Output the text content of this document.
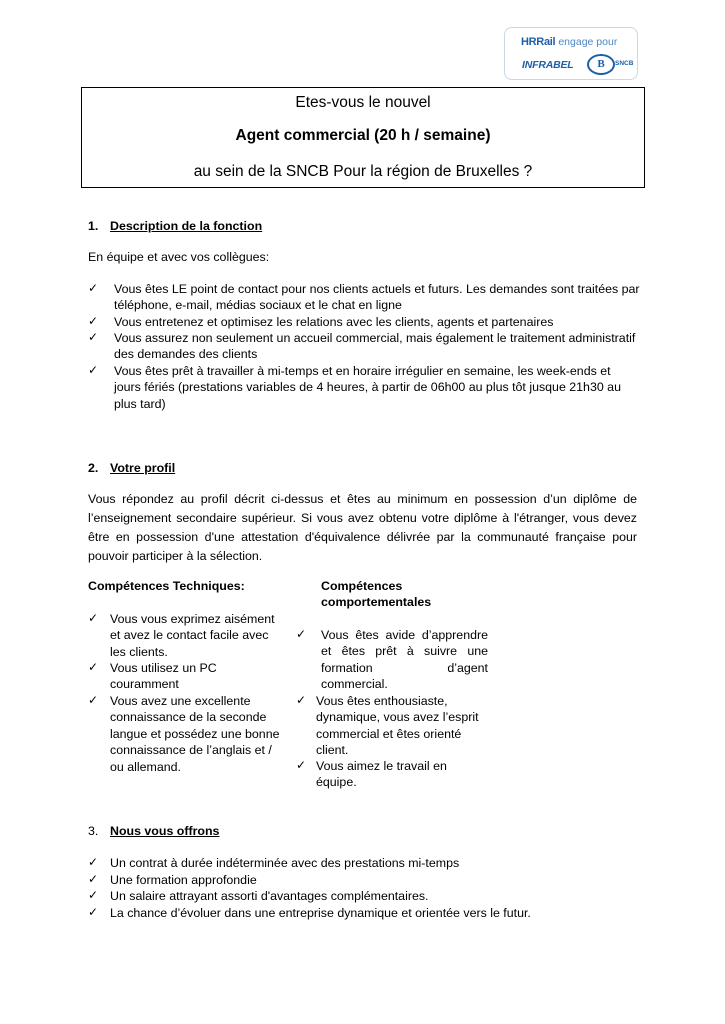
HRRail engage pour
INFRABEL	B	SNCB
Etes-vous le nouvel
Agent commercial (20 h / semaine)
au sein de la SNCB Pour la région de Bruxelles ?
1. Description de la fonction
En équipe et avec vos collègues:
✓ Vous êtes LE point de contact pour nos clients actuels et futurs. Les demandes sont traitées par
téléphone, e-mail, médias sociaux et le chat en ligne
✓ Vous entretenez et optimisez les relations avec les clients, agents et partenaires
✓ Vous assurez non seulement un accueil commercial, mais également le traitement administratif
des demandes des clients
✓ Vous êtes prêt à travailler à mi-temps et en horaire irrégulier en semaine, les week-ends et
jours fériés (prestations variables de 4 heures, à partir de 06h00 au plus tôt jusque 21h30 au
plus tard)
2. Votre profil
Vous répondez au profil décrit ci-dessus et êtes au minimum en possession d’un diplôme de
l’enseignement secondaire supérieur. Si vous avez obtenu votre diplôme à l'étranger, vous devez
être en possession d'une attestation d'équivalence délivrée par la communauté française pour
pouvoir participer à la sélection.
Compétences Techniques:
✓ Vous vous exprimez aisément
et avez le contact facile avec
les clients.
✓ Vous utilisez un PC
couramment
✓ Vous avez une excellente
connaissance de la seconde
langue et possédez une bonne
connaissance de l’anglais et /
ou allemand.
Compétences
comportementales
✓ Vous êtes avide d’apprendre
et êtes prêt à suivre une
formation d’agent
commercial.
✓ Vous êtes enthousiaste,
dynamique, vous avez l’esprit
commercial et êtes orienté
client.
✓ Vous aimez le travail en
équipe.
3. Nous vous offrons
✓ Un contrat à durée indéterminée avec des prestations mi-temps
✓ Une formation approfondie
✓ Un salaire attrayant assorti d'avantages complémentaires.
✓ La chance d’évoluer dans une entreprise dynamique et orientée vers le futur.
